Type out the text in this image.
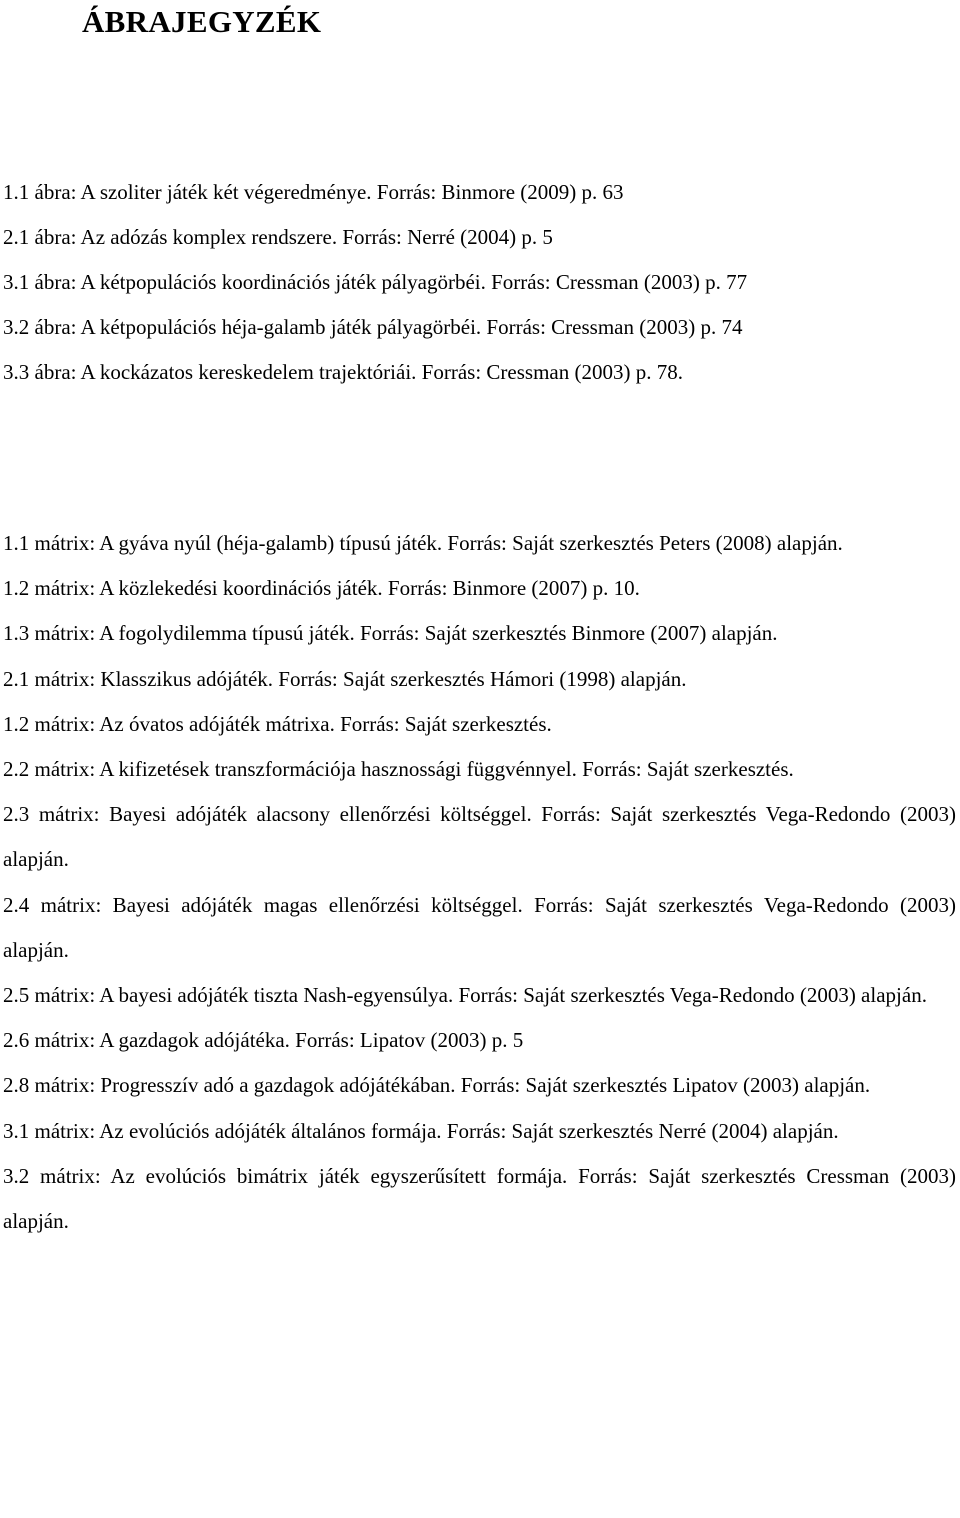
ÁBRAJEGYZÉK
1.1 ábra: A szoliter játék két végeredménye. Forrás: Binmore (2009) p. 63
2.1 ábra: Az adózás komplex rendszere. Forrás: Nerré (2004) p. 5
3.1 ábra: A kétpopulációs koordinációs játék pályagörbéi. Forrás: Cressman (2003) p. 77
3.2 ábra: A kétpopulációs héja-galamb játék pályagörbéi. Forrás: Cressman (2003) p. 74
3.3 ábra: A kockázatos kereskedelem trajektóriái. Forrás: Cressman (2003) p. 78.
1.1 mátrix: A gyáva nyúl (héja-galamb) típusú játék. Forrás: Saját szerkesztés Peters (2008) alapján.
1.2 mátrix: A közlekedési koordinációs játék. Forrás: Binmore (2007) p. 10.
1.3 mátrix: A fogolydilemma típusú játék. Forrás: Saját szerkesztés Binmore (2007) alapján.
2.1 mátrix: Klasszikus adójáték. Forrás: Saját szerkesztés Hámori (1998) alapján.
1.2 mátrix: Az óvatos adójáték mátrixa. Forrás: Saját szerkesztés.
2.2 mátrix: A kifizetések transzformációja hasznossági függvénnyel. Forrás: Saját szerkesztés.
2.3 mátrix: Bayesi adójáték alacsony ellenőrzési költséggel. Forrás: Saját szerkesztés Vega-Redondo (2003) alapján.
2.4 mátrix: Bayesi adójáték magas ellenőrzési költséggel. Forrás: Saját szerkesztés Vega-Redondo (2003) alapján.
2.5 mátrix: A bayesi adójáték tiszta Nash-egyensúlya. Forrás: Saját szerkesztés Vega-Redondo (2003) alapján.
2.6 mátrix: A gazdagok adójátéka. Forrás: Lipatov (2003) p. 5
2.8 mátrix: Progresszív adó a gazdagok adójátékában. Forrás: Saját szerkesztés Lipatov (2003) alapján.
3.1 mátrix: Az evolúciós adójáték általános formája. Forrás: Saját szerkesztés Nerré (2004) alapján.
3.2 mátrix: Az evolúciós bimátrix játék egyszerűsített formája. Forrás: Saját szerkesztés Cressman (2003) alapján.
